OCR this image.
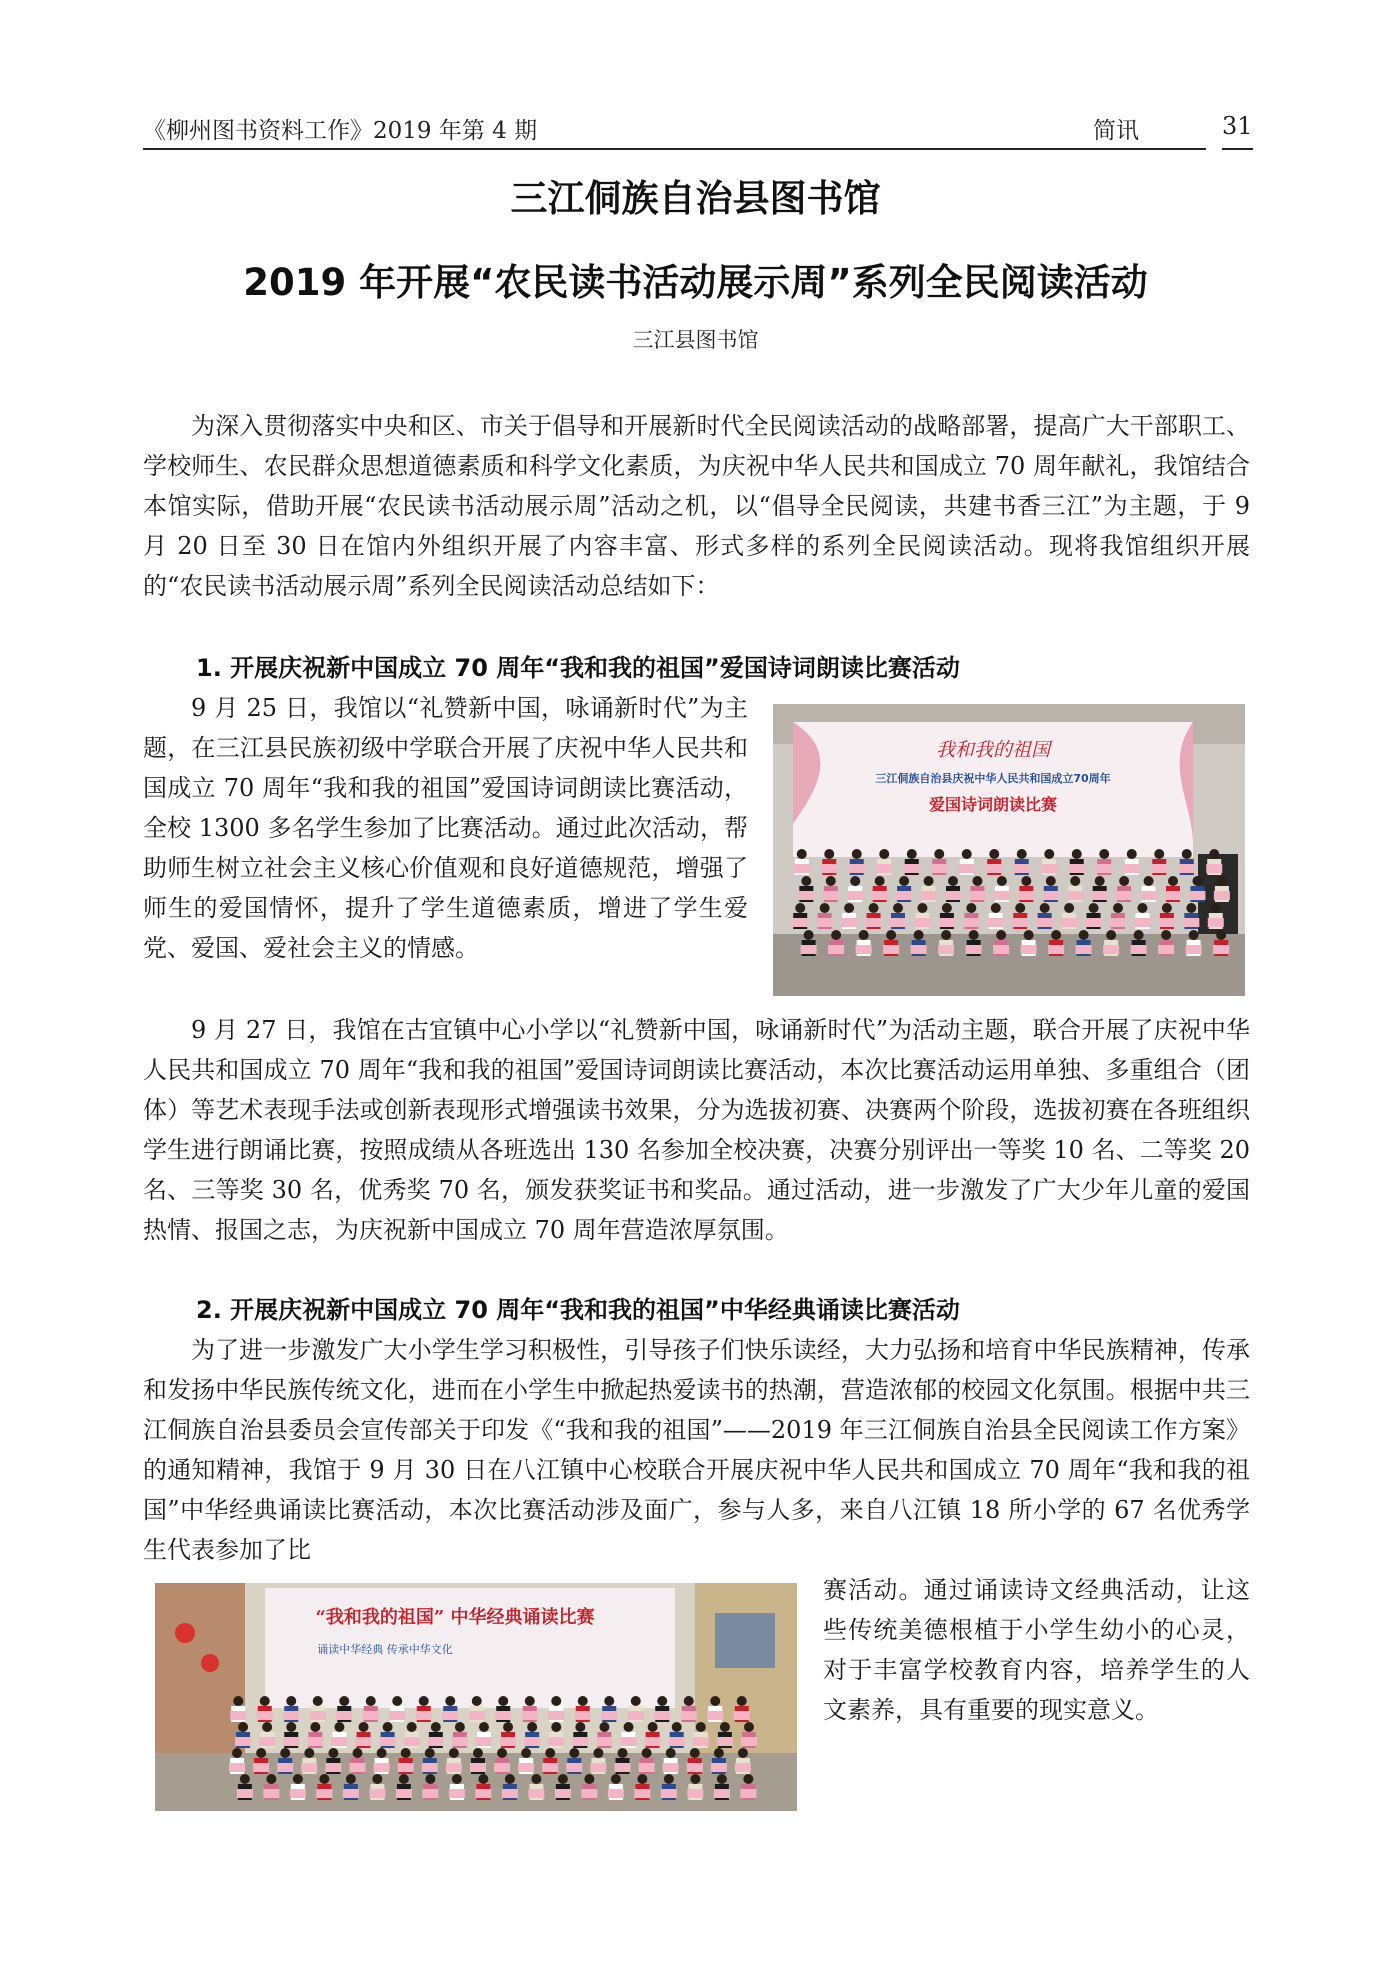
《柳州图书资料工作》2019 年第 4 期	简讯	31
三江侗族自治县图书馆
2019 年开展“农民读书活动展示周”系列全民阅读活动
三江县图书馆
为深入贯彻落实中央和区、市关于倡导和开展新时代全民阅读活动的战略部署，提高广大干部职工、学校师生、农民群众思想道德素质和科学文化素质，为庆祝中华人民共和国成立 70 周年献礼，我馆结合本馆实际，借助开展“农民读书活动展示周”活动之机，以“倡导全民阅读，共建书香三江”为主题，于 9 月 20 日至 30 日在馆内外组织开展了内容丰富、形式多样的系列全民阅读活动。现将我馆组织开展的“农民读书活动展示周”系列全民阅读活动总结如下：
1. 开展庆祝新中国成立 70 周年“我和我的祖国”爱国诗词朗读比赛活动
9 月 25 日，我馆以“礼赞新中国，咏诵新时代”为主题，在三江县民族初级中学联合开展了庆祝中华人民共和国成立 70 周年“我和我的祖国”爱国诗词朗读比赛活动，全校 1300 多名学生参加了比赛活动。通过此次活动，帮助师生树立社会主义核心价值观和良好道德规范，增强了师生的爱国情怀，提升了学生道德素质，增进了学生爱党、爱国、爱社会主义的情感。
我和我的祖国
三江侗族自治县庆祝中华人民共和国成立70周年
爱国诗词朗读比赛
9 月 27 日，我馆在古宜镇中心小学以“礼赞新中国，咏诵新时代”为活动主题，联合开展了庆祝中华人民共和国成立 70 周年“我和我的祖国”爱国诗词朗读比赛活动，本次比赛活动运用单独、多重组合（团体）等艺术表现手法或创新表现形式增强读书效果，分为选拔初赛、决赛两个阶段，选拔初赛在各班组织学生进行朗诵比赛，按照成绩从各班选出 130 名参加全校决赛，决赛分别评出一等奖 10 名、二等奖 20 名、三等奖 30 名，优秀奖 70 名，颁发获奖证书和奖品。通过活动，进一步激发了广大少年儿童的爱国热情、报国之志，为庆祝新中国成立 70 周年营造浓厚氛围。
2. 开展庆祝新中国成立 70 周年“我和我的祖国”中华经典诵读比赛活动
为了进一步激发广大小学生学习积极性，引导孩子们快乐读经，大力弘扬和培育中华民族精神，传承和发扬中华民族传统文化，进而在小学生中掀起热爱读书的热潮，营造浓郁的校园文化氛围。根据中共三江侗族自治县委员会宣传部关于印发《“我和我的祖国”——2019 年三江侗族自治县全民阅读工作方案》的通知精神，我馆于 9 月 30 日在八江镇中心校联合开展庆祝中华人民共和国成立 70 周年“我和我的祖国”中华经典诵读比赛活动，本次比赛活动涉及面广，参与人多，来自八江镇 18 所小学的 67 名优秀学生代表参加了比
“我和我的祖国” 中华经典诵读比赛
诵读中华经典 传承中华文化
赛活动。通过诵读诗文经典活动，让这些传统美德根植于小学生幼小的心灵，对于丰富学校教育内容，培养学生的人文素养，具有重要的现实意义。
